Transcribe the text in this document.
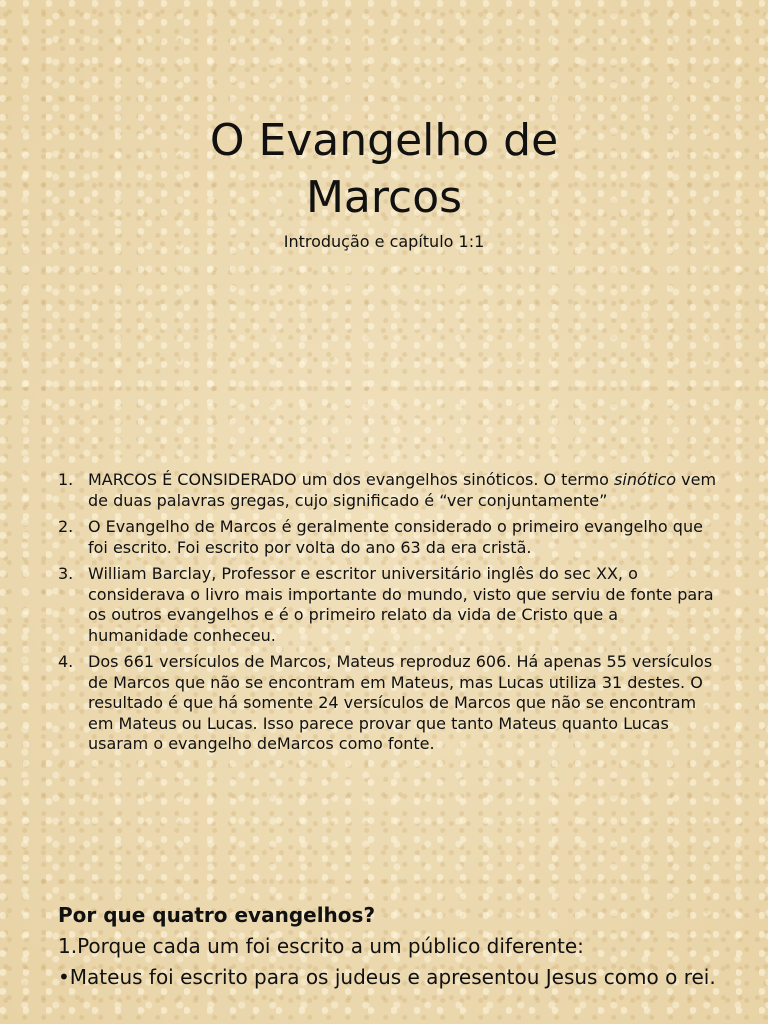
O Evangelho de
Marcos

Introdução e capítulo 1:1

1. MARCOS É CONSIDERADO um dos evangelhos sinóticos. O termo sinótico vem de duas palavras gregas, cujo significado é “ver conjuntamente”
2. O Evangelho de Marcos é geralmente considerado o primeiro evangelho que foi escrito. Foi escrito por volta do ano 63 da era cristã.
3. William Barclay, Professor e escritor universitário inglês do sec XX, o considerava o livro mais importante do mundo, visto que serviu de fonte para os outros evangelhos e é o primeiro relato da vida de Cristo que a humanidade conheceu.
4. Dos 661 versículos de Marcos, Mateus reproduz 606. Há apenas 55 versículos de Marcos que não se encontram em Mateus, mas Lucas utiliza 31 destes. O resultado é que há somente 24 versículos de Marcos que não se encontram em Mateus ou Lucas. Isso parece provar que tanto Mateus quanto Lucas usaram o evangelho deMarcos como fonte.

Por que quatro evangelhos?

1.Porque cada um foi escrito a um público diferente:

•Mateus foi escrito para os judeus e apresentou Jesus como o rei.
